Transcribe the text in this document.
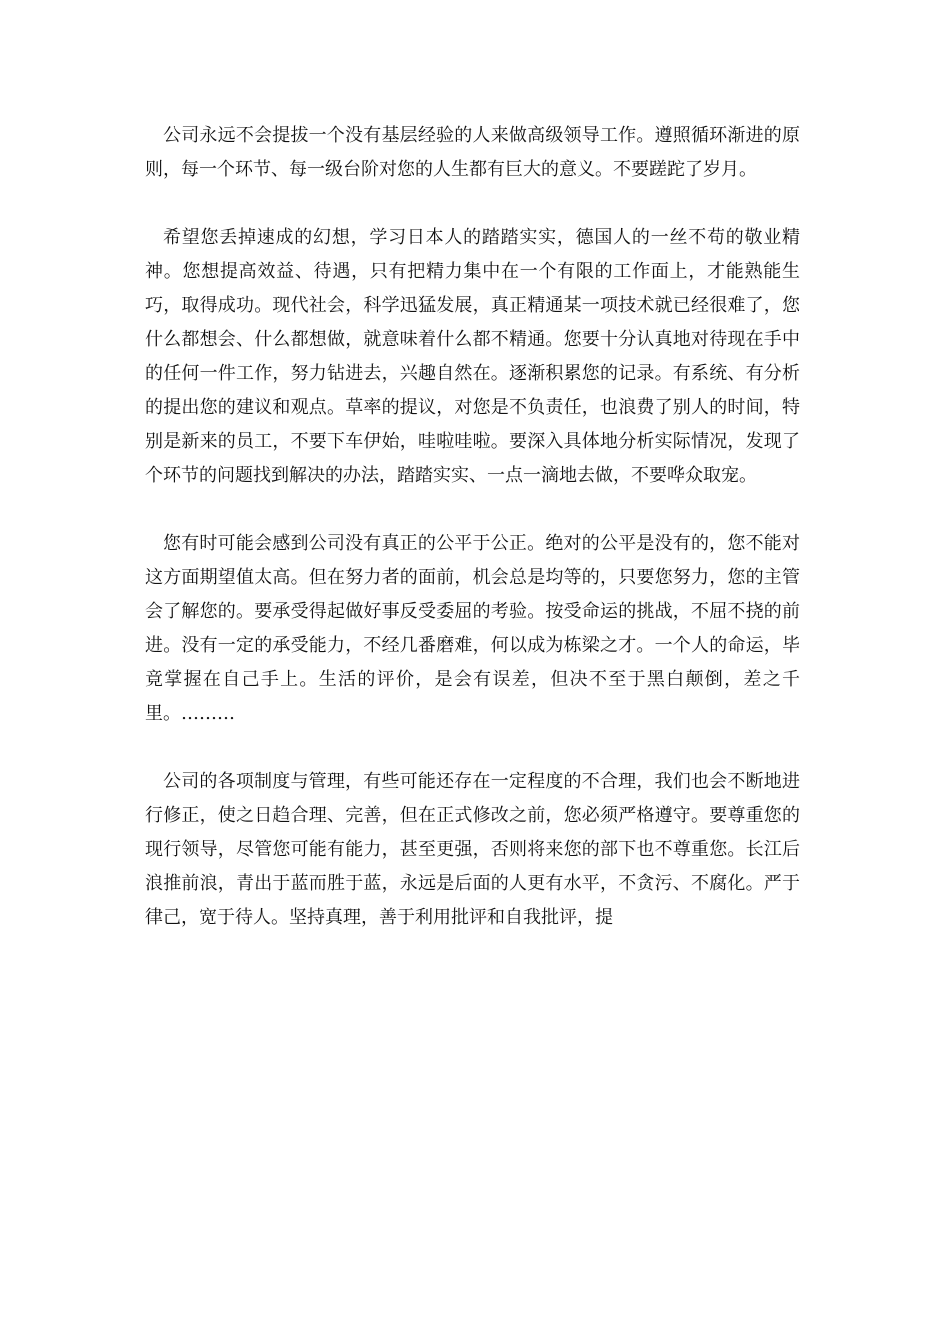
公司永远不会提拔一个没有基层经验的人来做高级领导工作。遵照循环渐进的原则，每一个环节、每一级台阶对您的人生都有巨大的意义。不要蹉跎了岁月。

希望您丢掉速成的幻想，学习日本人的踏踏实实，德国人的一丝不苟的敬业精神。您想提高效益、待遇，只有把精力集中在一个有限的工作面上，才能熟能生巧，取得成功。现代社会，科学迅猛发展，真正精通某一项技术就已经很难了，您什么都想会、什么都想做，就意味着什么都不精通。您要十分认真地对待现在手中的任何一件工作，努力钻进去，兴趣自然在。逐渐积累您的记录。有系统、有分析的提出您的建议和观点。草率的提议，对您是不负责任，也浪费了别人的时间，特别是新来的员工，不要下车伊始，哇啦哇啦。要深入具体地分析实际情况，发现了个环节的问题找到解决的办法，踏踏实实、一点一滴地去做，不要哗众取宠。

您有时可能会感到公司没有真正的公平于公正。绝对的公平是没有的，您不能对这方面期望值太高。但在努力者的面前，机会总是均等的，只要您努力，您的主管会了解您的。要承受得起做好事反受委屈的考验。按受命运的挑战，不屈不挠的前进。没有一定的承受能力，不经几番磨难，何以成为栋梁之才。一个人的命运，毕竟掌握在自己手上。生活的评价，是会有误差，但决不至于黑白颠倒，差之千里。………

公司的各项制度与管理，有些可能还存在一定程度的不合理，我们也会不断地进行修正，使之日趋合理、完善，但在正式修改之前，您必须严格遵守。要尊重您的现行领导，尽管您可能有能力，甚至更强，否则将来您的部下也不尊重您。长江后浪推前浪，青出于蓝而胜于蓝，永远是后面的人更有水平，不贪污、不腐化。严于律己，宽于待人。坚持真理，善于利用批评和自我批评，提
